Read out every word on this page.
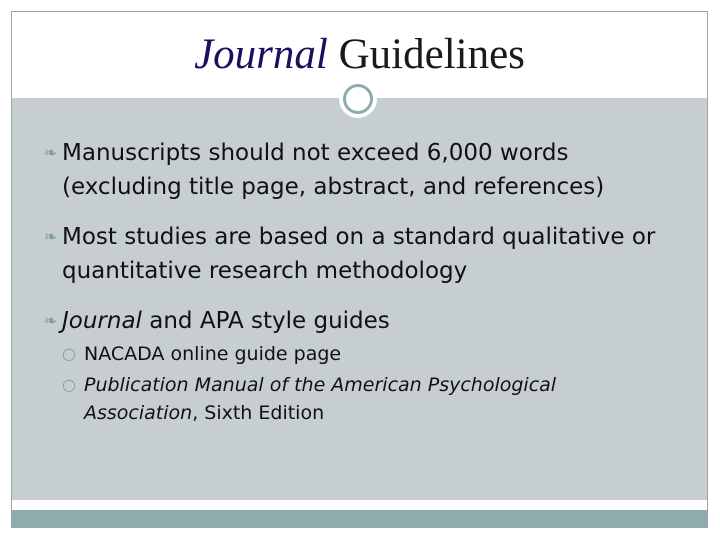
Journal Guidelines
❧ Manuscripts should not exceed 6,000 words (excluding title page, abstract, and references)
❧ Most studies are based on a standard qualitative or quantitative research methodology
❧ Journal and APA style guides
○ NACADA online guide page
○ Publication Manual of the American Psychological Association, Sixth Edition
